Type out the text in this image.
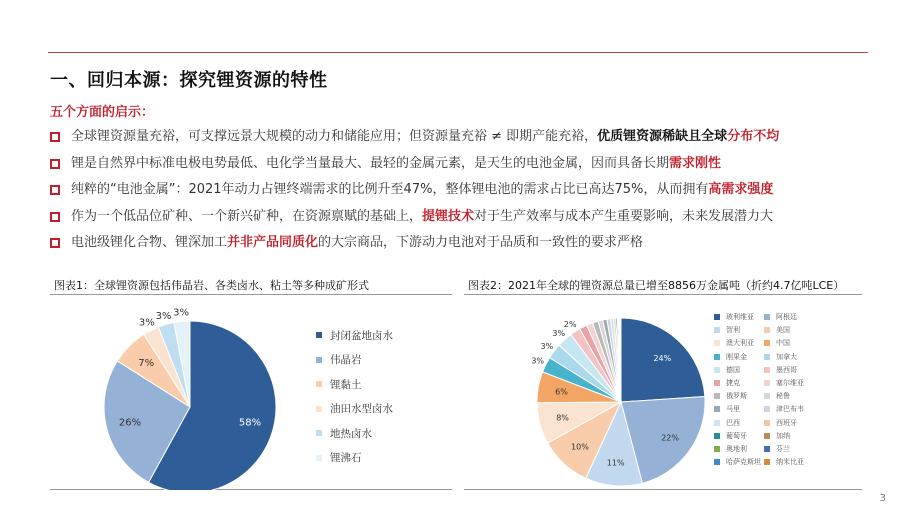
一、回归本源：探究锂资源的特性
五个方面的启示：
全球锂资源量充裕，可支撑远景大规模的动力和储能应用；但资源量充裕 ≠ 即期产能充裕， 优质锂资源稀缺且全球 分布不均
锂是自然界中标准电极电势最低、电化学当量最大、最轻的金属元素，是天生的电池金属，因而具备长期 需求刚性
纯粹的“电池金属”：2021年动力占锂终端需求的比例升至47%，整体锂电池的需求占比已高达75%，从而拥有 高需求强度
作为一个低品位矿种、一个新兴矿种，在资源禀赋的基础上， 提锂技术 对于生产效率与成本产生重要影响，未来发展潜力大
电池级锂化合物、锂深加工 并非产品同质化 的大宗商品，下游动力电池对于品质和一致性的要求严格
图表1：全球锂资源包括伟晶岩、各类卤水、粘土等多种成矿形式
58%
26%
7%
3%
3% 3%
封闭盆地卤水
伟晶岩
锂黏土
油田水型卤水
地热卤水
锂沸石
图表2：2021年全球的锂资源总量已增至8856万金属吨（折约4.7亿吨LCE）
24%
22%
11%
10%
8%
6%
3%
3%
3%
2%
玻利维亚	阿根廷
智利	美国
澳大利亚	中国
刚果金	加拿大
德国	墨西哥
捷克	塞尔维亚
俄罗斯	秘鲁
马里	津巴布韦
巴西	西班牙
葡萄牙	加纳
奥地利	芬兰
哈萨克斯坦 纳米比亚
3
